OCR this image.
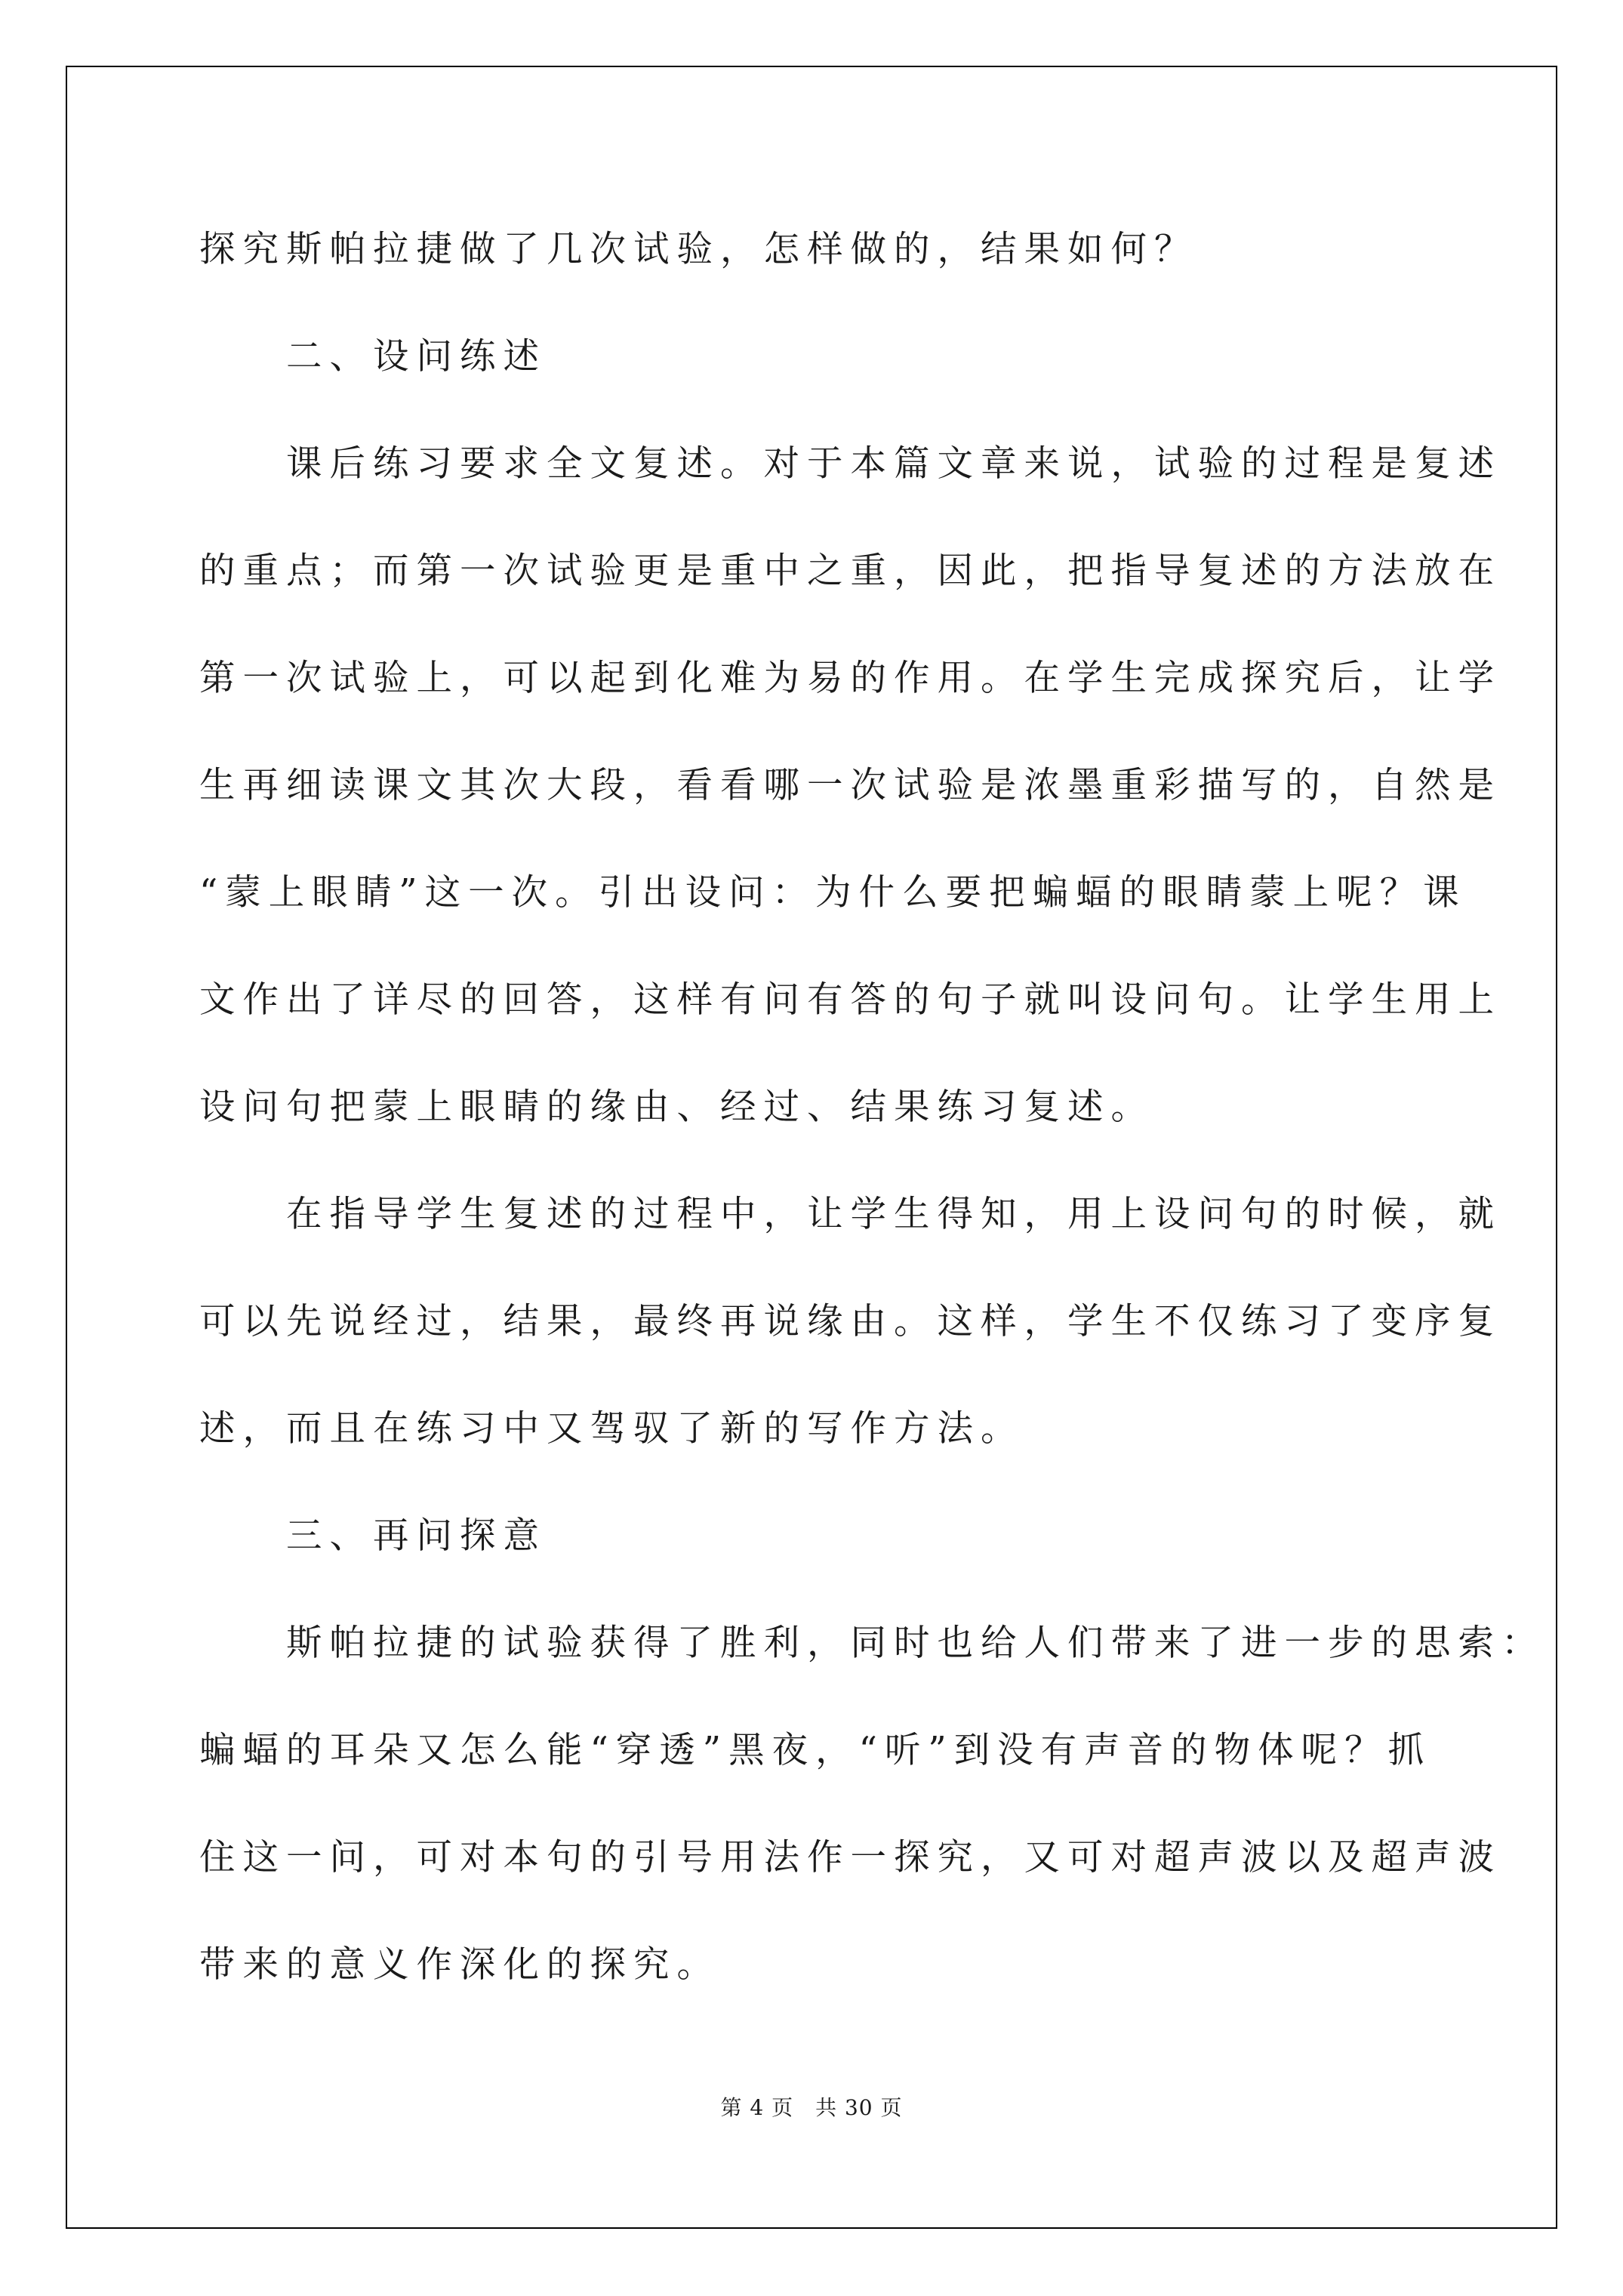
探究斯帕拉捷做了几次试验，怎样做的，结果如何？
　　二、设问练述
　　课后练习要求全文复述。对于本篇文章来说，试验的过程是复述
的重点；而第一次试验更是重中之重，因此，把指导复述的方法放在
第一次试验上，可以起到化难为易的作用。在学生完成探究后，让学
生再细读课文其次大段，看看哪一次试验是浓墨重彩描写的，自然是
“蒙上眼睛”这一次。引出设问：为什么要把蝙蝠的眼睛蒙上呢？课
文作出了详尽的回答，这样有问有答的句子就叫设问句。让学生用上
设问句把蒙上眼睛的缘由、经过、结果练习复述。
　　在指导学生复述的过程中，让学生得知，用上设问句的时候，就
可以先说经过，结果，最终再说缘由。这样，学生不仅练习了变序复
述，而且在练习中又驾驭了新的写作方法。
　　三、再问探意
　　斯帕拉捷的试验获得了胜利，同时也给人们带来了进一步的思索：
蝙蝠的耳朵又怎么能“穿透”黑夜，“听”到没有声音的物体呢？抓
住这一问，可对本句的引号用法作一探究，又可对超声波以及超声波
带来的意义作深化的探究。
第 4 页　共 30 页
